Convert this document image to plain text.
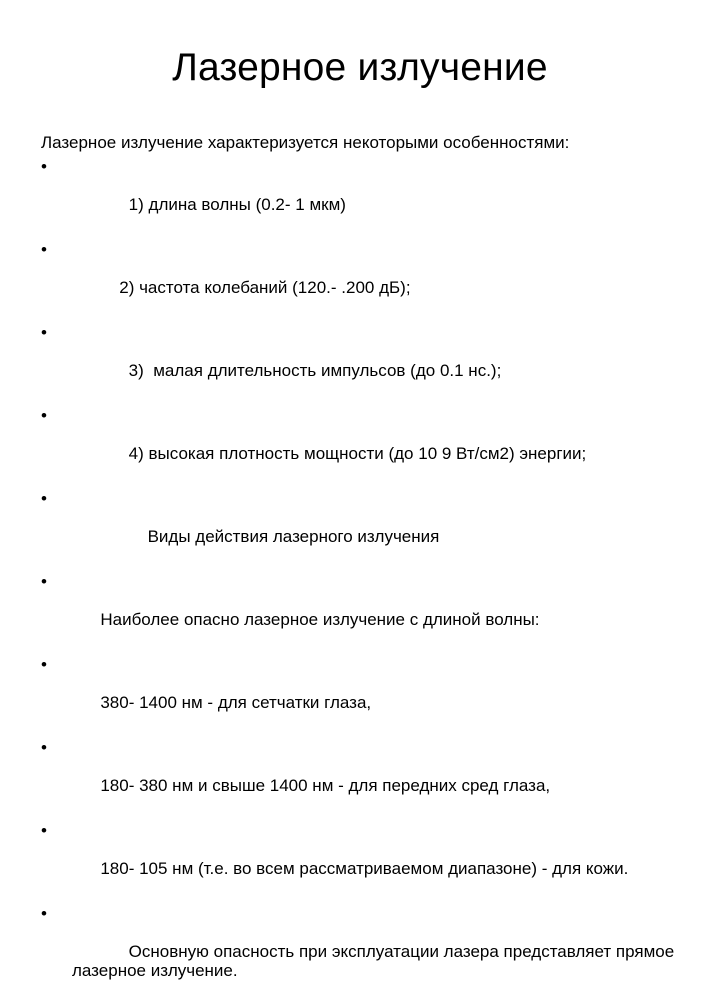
Лазерное излучение
Лазерное излучение характеризуется некоторыми особенностями:

•

1) длина волны (0.2- 1 мкм)

•

2) частота колебаний (120.- .200 дБ);

•

3)  малая длительность импульсов (до 0.1 нс.);

•

4) высокая плотность мощности (до 10 9 Вт/см2) энергии;

•

Виды действия лазерного излучения

•

Наиболее опасно лазерное излучение с длиной волны:

•

380- 1400 нм - для сетчатки глаза,

•

180- 380 нм и свыше 1400 нм - для передних сред глаза,

•

180- 105 нм (т.е. во всем рассматриваемом диапазоне) - для кожи.

•

Основную опасность при эксплуатации лазера представляет прямое лазерное излучение.
